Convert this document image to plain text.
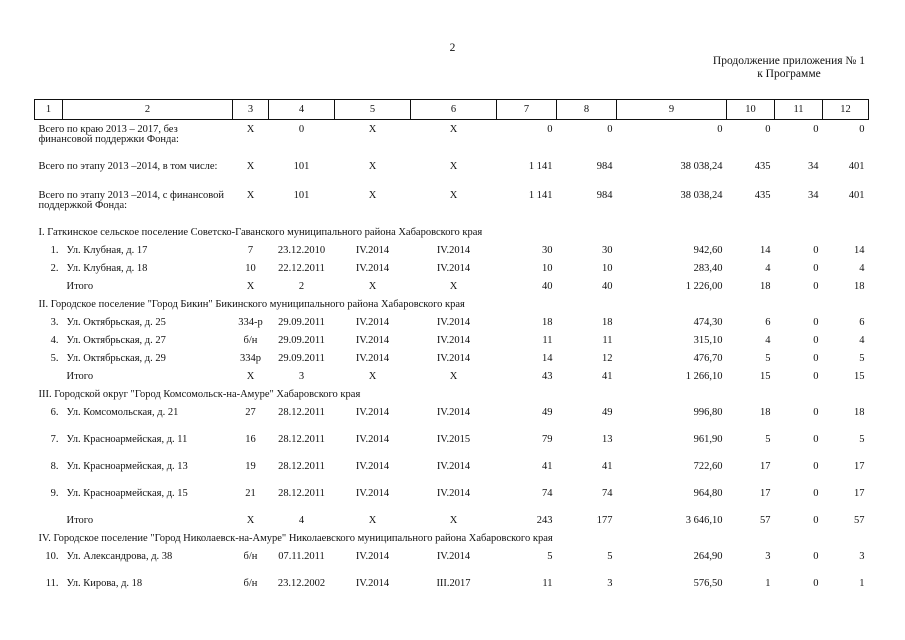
2
Продолжение приложения № 1
к Программе
1	2	3	4	5	6	7	8	9	10	11	12
Всего по краю 2013 – 2017, без финансовой поддержки Фонда:		Х	0	Х	Х	0	0	0	0	0	0
Всего по этапу 2013 –2014, в том числе:		Х	101	Х	Х	1 141	984	38 038,24	435	34	401
Всего по этапу 2013 –2014, с финансовой поддержкой Фонда:		Х	101	Х	Х	1 141	984	38 038,24	435	34	401
I. Гаткинское сельское поселение Советско-Гаванского муниципального района Хабаровского края											
1.	Ул. Клубная, д. 17	7	23.12.2010	IV.2014	IV.2014	30	30	942,60	14	0	14
2.	Ул. Клубная, д. 18	10	22.12.2011	IV.2014	IV.2014	10	10	283,40	4	0	4
	Итого	Х	2	Х	Х	40	40	1 226,00	18	0	18
II. Городское поселение "Город Бикин" Бикинского муниципального района Хабаровского края											
3.	Ул. Октябрьская, д. 25	334-р	29.09.2011	IV.2014	IV.2014	18	18	474,30	6	0	6
4.	Ул. Октябрьская, д. 27	б/н	29.09.2011	IV.2014	IV.2014	11	11	315,10	4	0	4
5.	Ул. Октябрьская, д. 29	334р	29.09.2011	IV.2014	IV.2014	14	12	476,70	5	0	5
	Итого	Х	3	Х	Х	43	41	1 266,10	15	0	15
III. Городской округ "Город Комсомольск-на-Амуре" Хабаровского края											
6.	Ул. Комсомольская, д. 21	27	28.12.2011	IV.2014	IV.2014	49	49	996,80	18	0	18
7.	Ул. Красноармейская, д. 11	16	28.12.2011	IV.2014	IV.2015	79	13	961,90	5	0	5
8.	Ул. Красноармейская, д. 13	19	28.12.2011	IV.2014	IV.2014	41	41	722,60	17	0	17
9.	Ул. Красноармейская, д. 15	21	28.12.2011	IV.2014	IV.2014	74	74	964,80	17	0	17
	Итого	Х	4	Х	Х	243	177	3 646,10	57	0	57
IV. Городское поселение "Город Николаевск-на-Амуре" Николаевского муниципального района Хабаровского края											
10.	Ул. Александрова, д. 38	б/н	07.11.2011	IV.2014	IV.2014	5	5	264,90	3	0	3
11.	Ул. Кирова, д. 18	б/н	23.12.2002	IV.2014	III.2017	11	3	576,50	1	0	1
